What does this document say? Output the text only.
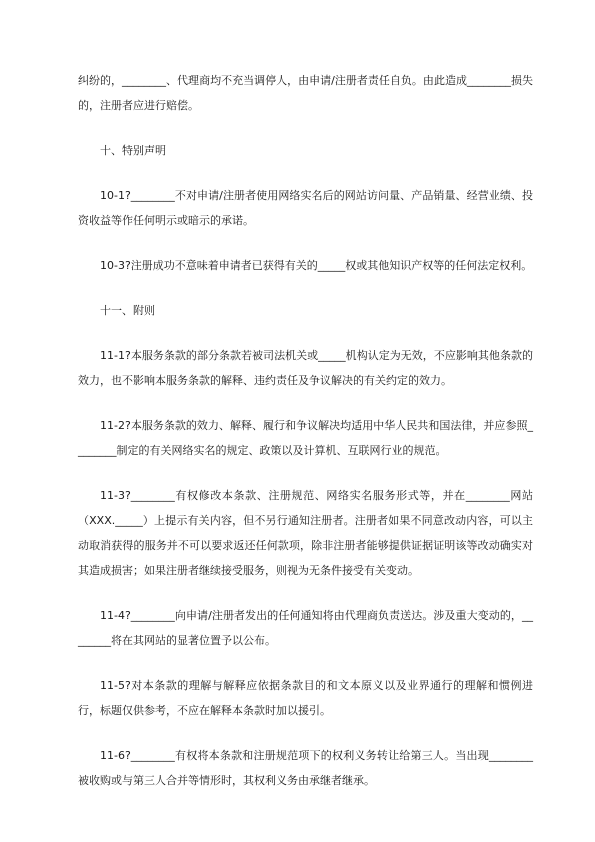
纠纷的，________、代理商均不充当调停人，由申请/注册者责任自负。由此造成________损失的，注册者应进行赔偿。

十、特别声明

10-1?________不对申请/注册者使用网络实名后的网站访问量、产品销量、经营业绩、投资收益等作任何明示或暗示的承诺。

10-3?注册成功不意味着申请者已获得有关的_____权或其他知识产权等的任何法定权利。

十一、附则

11-1?本服务条款的部分条款若被司法机关或_____机构认定为无效，不应影响其他条款的效力，也不影响本服务条款的解释、违约责任及争议解决的有关约定的效力。

11-2?本服务条款的效力、解释、履行和争议解决均适用中华人民共和国法律，并应参照________制定的有关网络实名的规定、政策以及计算机、互联网行业的规范。

11-3?________有权修改本条款、注册规范、网络实名服务形式等，并在________网站（XXX._____）上提示有关内容，但不另行通知注册者。注册者如果不同意改动内容，可以主动取消获得的服务并不可以要求返还任何款项，除非注册者能够提供证据证明该等改动确实对其造成损害；如果注册者继续接受服务，则视为无条件接受有关变动。

11-4?________向申请/注册者发出的任何通知将由代理商负责送达。涉及重大变动的，________将在其网站的显著位置予以公布。

11-5?对本条款的理解与解释应依据条款目的和文本原义以及业界通行的理解和惯例进行，标题仅供参考，不应在解释本条款时加以援引。

11-6?________有权将本条款和注册规范项下的权利义务转让给第三人。当出现________被收购或与第三人合并等情形时，其权利义务由承继者继承。
